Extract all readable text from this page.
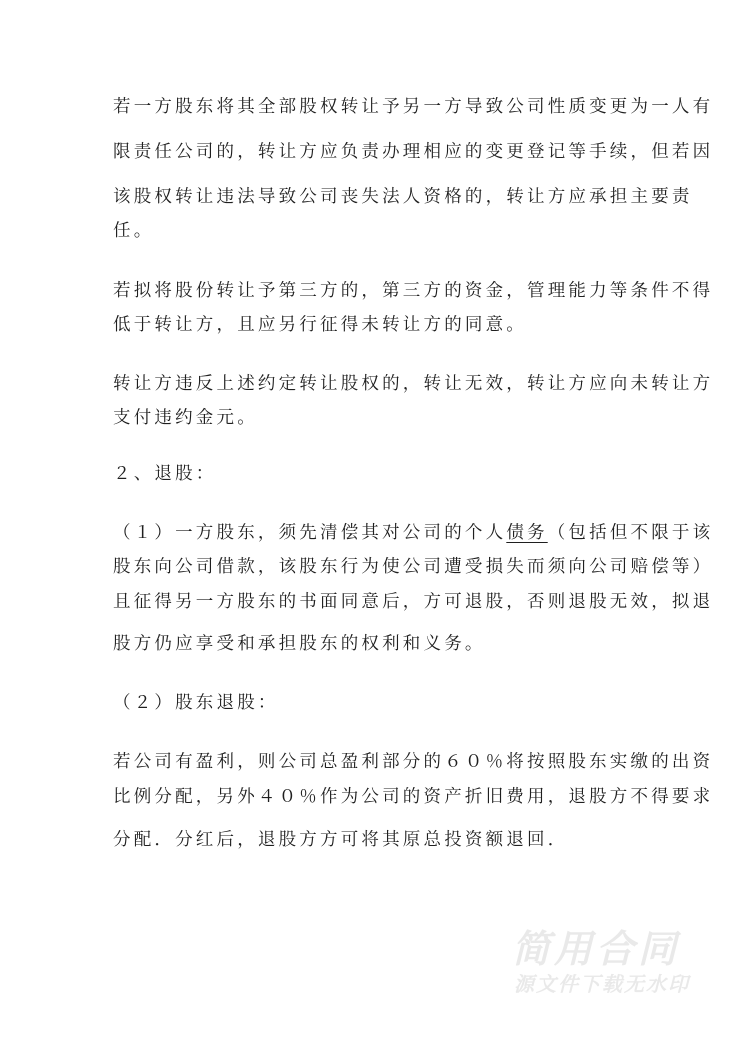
若一方股东将其全部股权转让予另一方导致公司性质变更为一人有
限责任公司的，转让方应负责办理相应的变更登记等手续，但若因
该股权转让违法导致公司丧失法人资格的，转让方应承担主要责
任。
若拟将股份转让予第三方的，第三方的资金，管理能力等条件不得
低于转让方，且应另行征得未转让方的同意。
转让方违反上述约定转让股权的，转让无效，转让方应向未转让方
支付违约金元。
２、退股：
（１）一方股东，须先清偿其对公司的个人债务（包括但不限于该
股东向公司借款，该股东行为使公司遭受损失而须向公司赔偿等）
且征得另一方股东的书面同意后，方可退股，否则退股无效，拟退
股方仍应享受和承担股东的权利和义务。
（２）股东退股：
若公司有盈利，则公司总盈利部分的６０％将按照股东实缴的出资
比例分配，另外４０％作为公司的资产折旧费用，退股方不得要求
分配．分红后，退股方方可将其原总投资额退回．
简用合同
源文件下载无水印
